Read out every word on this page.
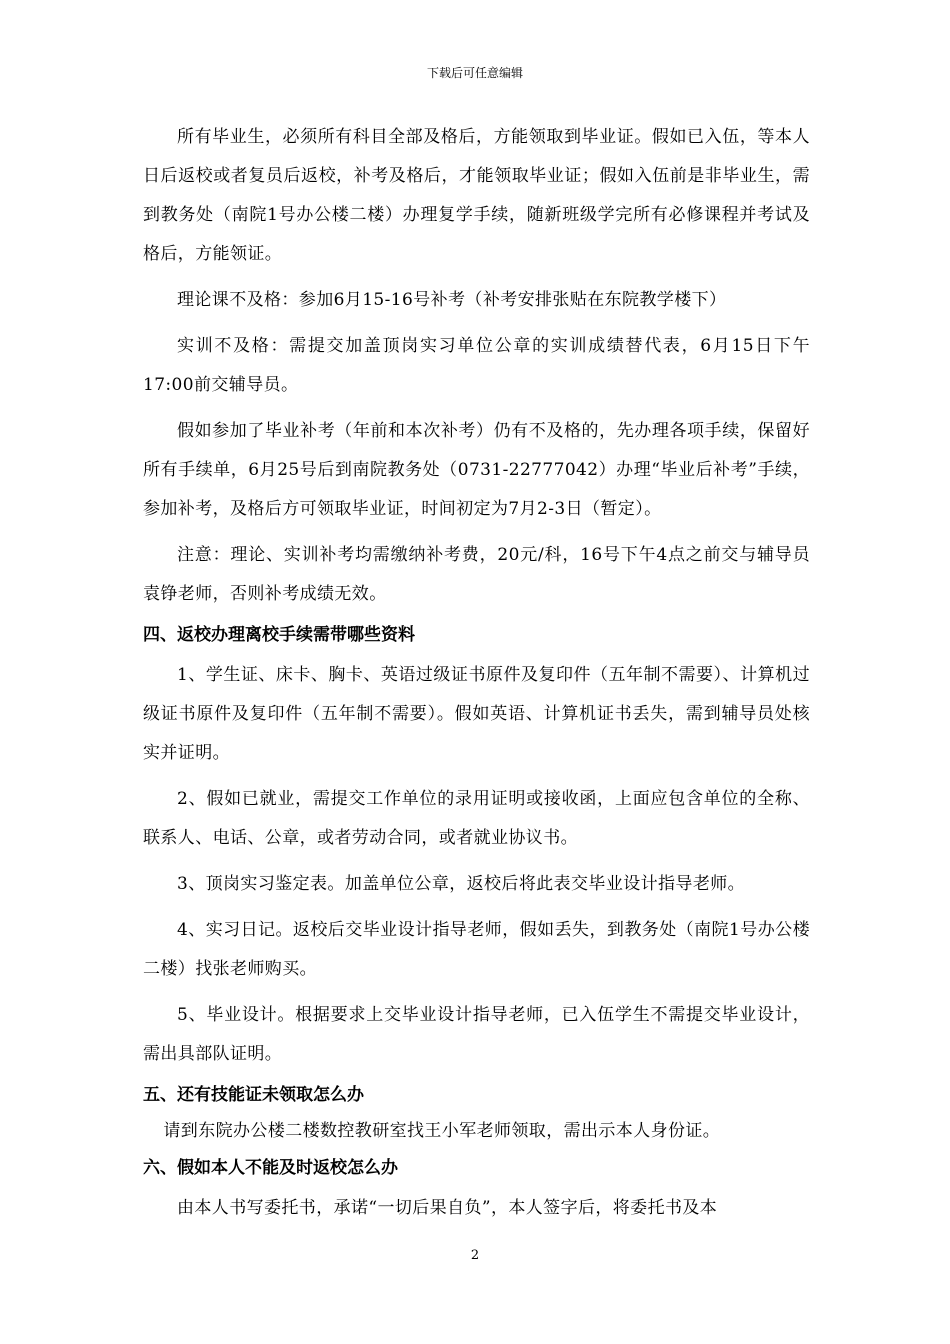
下载后可任意编辑

所有毕业生，必须所有科目全部及格后，方能领取到毕业证。假如已入伍，等本人日后返校或者复员后返校，补考及格后，才能领取毕业证；假如入伍前是非毕业生，需到教务处（南院1号办公楼二楼）办理复学手续，随新班级学完所有必修课程并考试及格后，方能领证。

理论课不及格：参加6月15-16号补考（补考安排张贴在东院教学楼下）

实训不及格：需提交加盖顶岗实习单位公章的实训成绩替代表，6月15日下午17:00前交辅导员。

假如参加了毕业补考（年前和本次补考）仍有不及格的，先办理各项手续，保留好所有手续单，6月25号后到南院教务处（0731-22777042）办理“毕业后补考”手续，参加补考，及格后方可领取毕业证，时间初定为7月2-3日（暂定）。

注意：理论、实训补考均需缴纳补考费，20元/科，16号下午4点之前交与辅导员袁铮老师，否则补考成绩无效。

四、返校办理离校手续需带哪些资料

1、学生证、床卡、胸卡、英语过级证书原件及复印件（五年制不需要）、计算机过级证书原件及复印件（五年制不需要）。假如英语、计算机证书丢失，需到辅导员处核实并证明。

2、假如已就业，需提交工作单位的录用证明或接收函，上面应包含单位的全称、联系人、电话、公章，或者劳动合同，或者就业协议书。

3、顶岗实习鉴定表。加盖单位公章，返校后将此表交毕业设计指导老师。

4、实习日记。返校后交毕业设计指导老师，假如丢失，到教务处（南院1号办公楼二楼）找张老师购买。

5、毕业设计。根据要求上交毕业设计指导老师，已入伍学生不需提交毕业设计，需出具部队证明。

五、还有技能证未领取怎么办

请到东院办公楼二楼数控教研室找王小军老师领取，需出示本人身份证。

六、假如本人不能及时返校怎么办

由本人书写委托书，承诺“一切后果自负”，本人签字后，将委托书及本

2
